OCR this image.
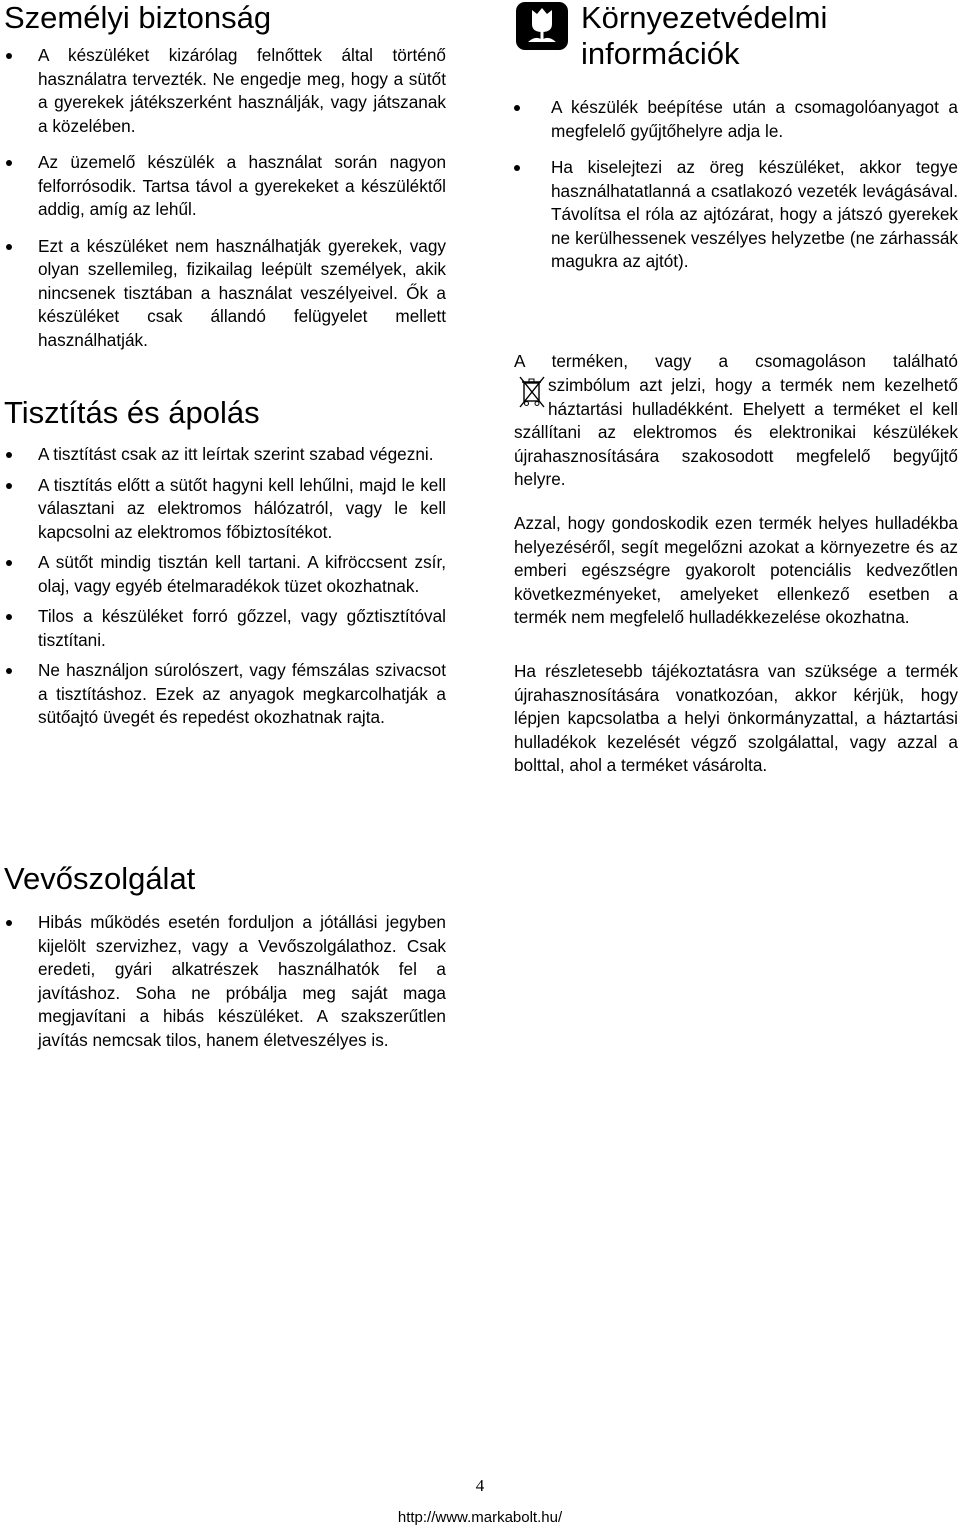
Személyi biztonság
A készüléket kizárólag felnőttek által történő használatra tervezték. Ne engedje meg, hogy a sütőt a gyerekek játékszerként használják, vagy játszanak a közelében.
Az üzemelő készülék a használat során nagyon felforrósodik. Tartsa távol a gyerekeket a készüléktől addig, amíg az lehűl.
Ezt a készüléket nem használhatják gyerekek, vagy olyan szellemileg, fizikailag leépült személyek, akik nincsenek tisztában a használat veszélyeivel. Ők a készüléket csak állandó felügyelet mellett használhatják.
Tisztítás és ápolás
A tisztítást csak az itt leírtak szerint szabad végezni.
A tisztítás előtt a sütőt hagyni kell lehűlni, majd le kell választani az elektromos hálózatról, vagy le kell kapcsolni az elektromos főbiztosítékot.
A sütőt mindig tisztán kell tartani. A kifröccsent zsír, olaj, vagy egyéb ételmaradékok tüzet okozhatnak.
Tilos a készüléket forró gőzzel, vagy gőztisztítóval tisztítani.
Ne használjon súrolószert, vagy fémszálas szivacsot a tisztításhoz. Ezek az anyagok megkarcolhatják a sütőajtó üvegét és repedést okozhatnak rajta.
Vevőszolgálat
Hibás működés esetén forduljon a jótállási jegyben kijelölt szervizhez, vagy a Vevőszolgálathoz. Csak eredeti, gyári alkatrészek használhatók fel a javításhoz. Soha ne próbálja meg saját maga megjavítani a hibás készüléket. A szakszerűtlen javítás nemcsak tilos, hanem életveszélyes is.
Környezetvédelmi
információk
A készülék beépítése után a csomagolóanyagot a megfelelő gyűjtőhelyre adja le.
Ha kiselejtezi az öreg készüléket, akkor tegye használhatatlanná a csatlakozó vezeték levágásával. Távolítsa el róla az ajtózárat, hogy a játszó gyerekek ne kerülhessenek veszélyes helyzetbe (ne zárhassák magukra az ajtót).

A terméken, vagy a csomagoláson található

szimbólum azt jelzi, hogy a termék nem kezelhető háztartási hulladékként. Ehelyett a terméket el kell szállítani az elektromos és elektronikai készülékek újrahasznosítására szakosodott megfelelő begyűjtő helyre.

Azzal, hogy gondoskodik ezen termék helyes hulladékba helyezéséről, segít megelőzni azokat a környezetre és az emberi egészségre gyakorolt potenciális kedvezőtlen következményeket, amelyeket ellenkező esetben a termék nem megfelelő hulladékkezelése okozhatna.

Ha részletesebb tájékoztatásra van szüksége a termék újrahasznosítására vonatkozóan, akkor kérjük, hogy lépjen kapcsolatba a helyi önkormányzattal, a háztartási hulladékok kezelését végző szolgálattal, vagy azzal a bolttal, ahol a terméket vásárolta.

4
http://www.markabolt.hu/
